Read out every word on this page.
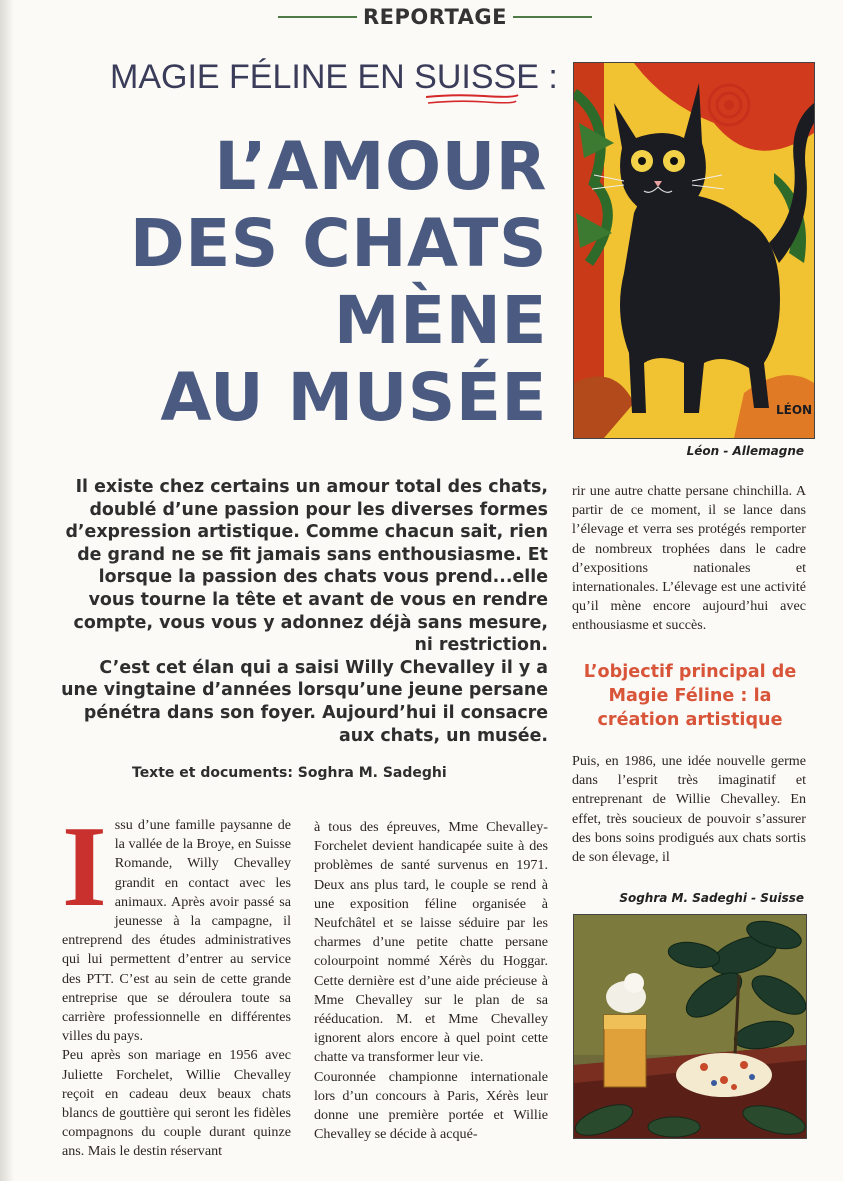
REPORTAGE
MAGIE FÉLINE EN SUISSE :
L’AMOUR
DES CHATS
MÈNE
AU MUSÉE	LÉON
Léon - Allemagne

Il existe chez certains un amour total des chats, doublé d’une passion pour les diverses formes d’expression artistique. Comme chacun sait, rien de grand ne se fit jamais sans enthousiasme. Et lorsque la passion des chats vous prend...elle vous tourne la tête et avant de vous en rendre compte, vous vous y adonnez déjà sans mesure, ni restriction.

C’est cet élan qui a saisi Willy Chevalley il y a une vingtaine d’années lorsqu’une jeune persane pénétra dans son foyer. Aujourd’hui il consacre aux chats, un musée.

Texte et documents: Soghra M. Sadeghi

Issu d’une famille paysanne de la vallée de la Broye, en Suisse Romande, Willy Chevalley grandit en contact avec les animaux. Après avoir passé sa jeunesse à la campagne, il entreprend des études administratives qui lui permettent d’entrer au service des PTT. C’est au sein de cette grande entreprise que se déroulera toute sa carrière professionnelle en différentes villes du pays.

Peu après son mariage en 1956 avec Juliette Forchelet, Willie Chevalley reçoit en cadeau deux beaux chats blancs de gouttière qui seront les fidèles compagnons du couple durant quinze ans. Mais le destin réservant

à tous des épreuves, Mme Chevalley-Forchelet devient handicapée suite à des problèmes de santé survenus en 1971. Deux ans plus tard, le couple se rend à une exposition féline organisée à Neufchâtel et se laisse séduire par les charmes d’une petite chatte persane colourpoint nommé Xérès du Hoggar. Cette dernière est d’une aide précieuse à Mme Chevalley sur le plan de sa rééducation. M. et Mme Chevalley ignorent alors encore à quel point cette chatte va transformer leur vie.

Couronnée championne internationale lors d’un concours à Paris, Xérès leur donne une première portée et Willie Chevalley se décide à acqué-

rir une autre chatte persane chinchilla. A partir de ce moment, il se lance dans l’élevage et verra ses protégés remporter de nombreux trophées dans le cadre d’expositions nationales et internationales. L’élevage est une activité qu’il mène encore aujourd’hui avec enthousiasme et succès.

L’objectif principal de Magie Féline : la création artistique

Puis, en 1986, une idée nouvelle germe dans l’esprit très imaginatif et entreprenant de Willie Chevalley. En effet, très soucieux de pouvoir s’assurer des bons soins prodigués aux chats sortis de son élevage, il

Soghra M. Sadeghi - Suisse
